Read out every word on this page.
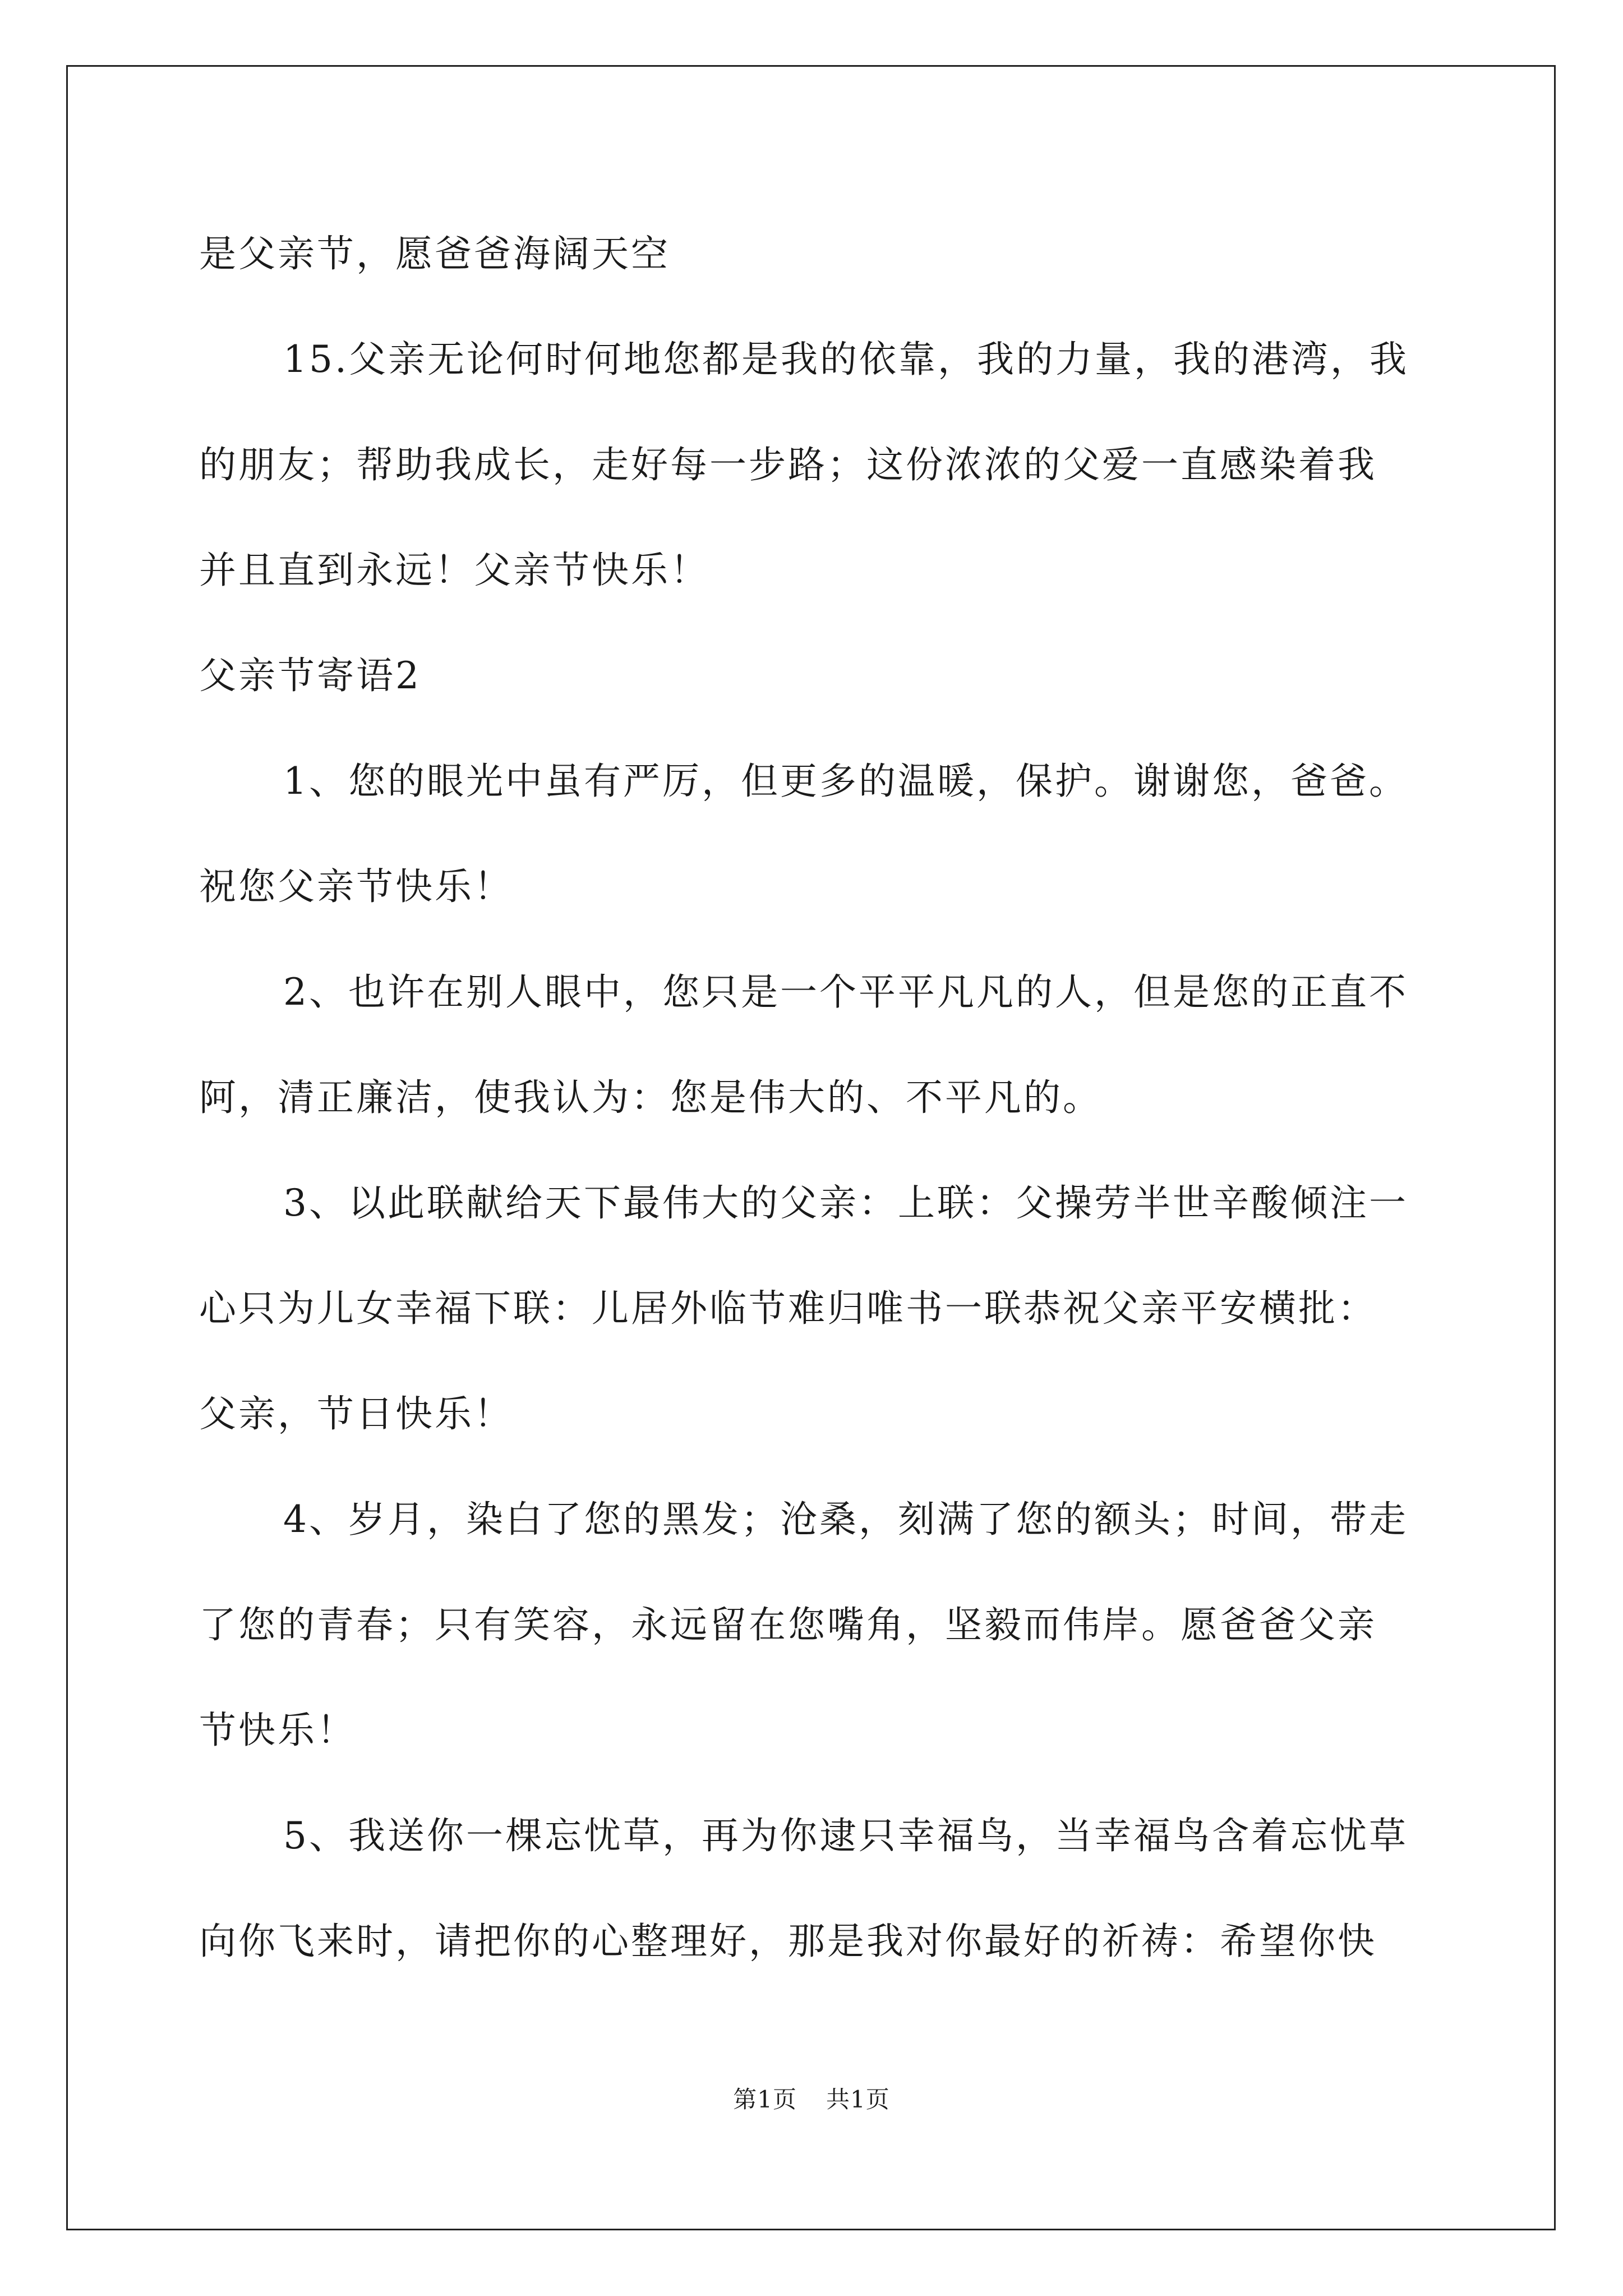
是父亲节，愿爸爸海阔天空
15.父亲无论何时何地您都是我的依靠，我的力量，我的港湾，我
的朋友；帮助我成长，走好每一步路；这份浓浓的父爱一直感染着我
并且直到永远！父亲节快乐！
父亲节寄语2
1、您的眼光中虽有严厉，但更多的温暖，保护。谢谢您，爸爸。
祝您父亲节快乐！
2、也许在别人眼中，您只是一个平平凡凡的人，但是您的正直不
阿，清正廉洁，使我认为：您是伟大的、不平凡的。
3、以此联献给天下最伟大的父亲：上联：父操劳半世辛酸倾注一
心只为儿女幸福下联：儿居外临节难归唯书一联恭祝父亲平安横批：
父亲，节日快乐！
4、岁月，染白了您的黑发；沧桑，刻满了您的额头；时间，带走
了您的青春；只有笑容，永远留在您嘴角，坚毅而伟岸。愿爸爸父亲
节快乐！
5、我送你一棵忘忧草，再为你逮只幸福鸟，当幸福鸟含着忘忧草
向你飞来时，请把你的心整理好，那是我对你最好的祈祷：希望你快
第1页 共1页
